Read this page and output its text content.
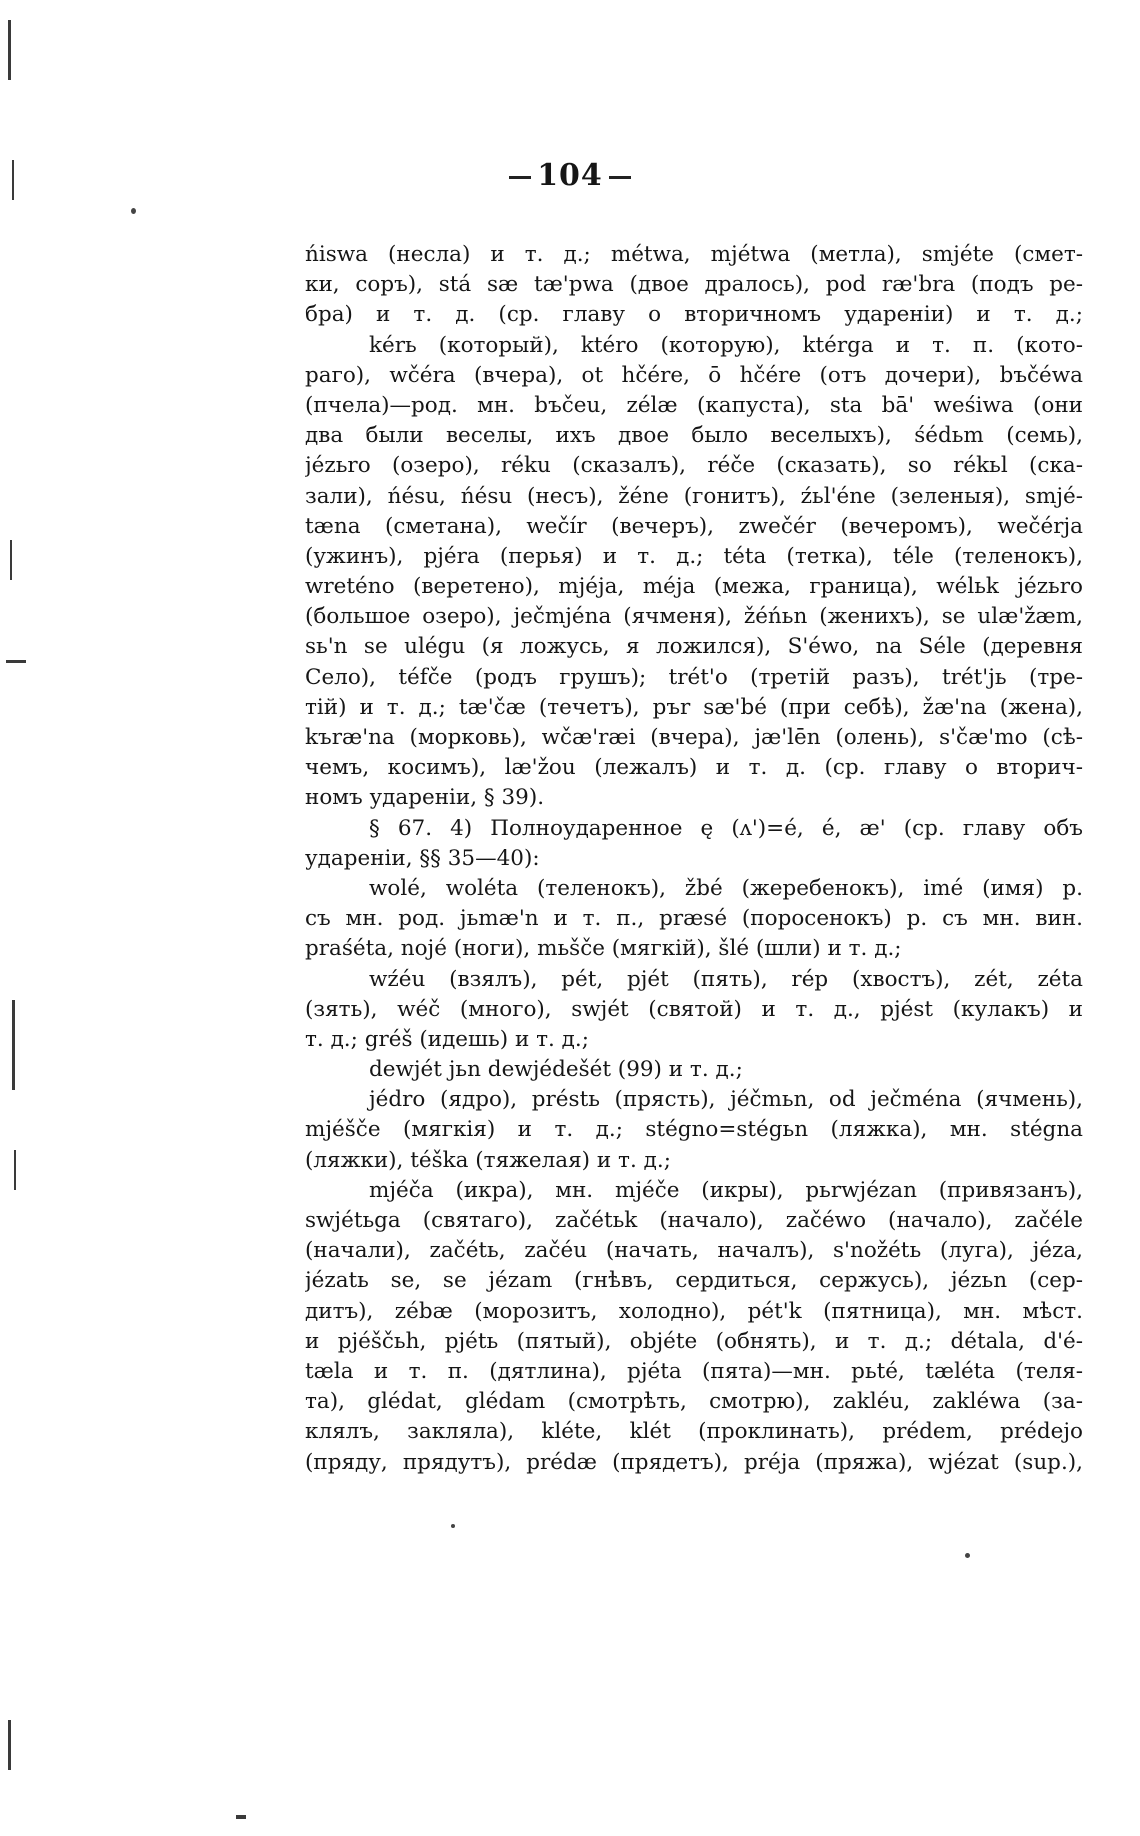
104
ńiswa (несла) и т. д.; métwa, mjétwa (метла), smjéte (смет-
ки, соръ), stá sæ tæ'pwa (двое дралось), pod ræ'bra (подъ ре-
бра) и т. д. (ср. главу о вторичномъ ударенiи) и т. д.;
kérь (который), ktéro (которую), ktérga и т. п. (кото-
раго), wčéra (вчера), ot hčére, ō hčére (отъ дочери), bъčéwa
(пчела)—род. мн. bъčeu, zélæ (капуста), sta bā' weśiwa (они
два были веселы, ихъ двое было веселыхъ), śédьm (семь),
jézьro (озеро), réku (сказалъ), réče (сказать), so rékьl (ска-
зали), ńésu, ńésu (несъ), žéne (гонитъ), źьl'éne (зеленыя), smjé-
tæna (сметана), wečír (вечеръ), zwečér (вечеромъ), wečérja
(ужинъ), pjéra (перья) и т. д.; téta (тетка), téle (теленокъ),
wreténo (веретено), mjéja, méja (межа, граница), wélьk jézьro
(большое озеро), ječmjéna (ячменя), žéńьn (женихъ), se ulæ'žæm,
sь'n se ulégu (я ложусь, я ложился), S'éwo, na Séle (деревня
Село), téfče (родъ грушъ); trét'o (третiй разъ), trét'jь (тре-
тiй) и т. д.; tæ'čæ (течетъ), pъr sæ'bé (при себѣ), žæ'na (жена),
kъræ'na (морковь), wčæ'ræi (вчера), jæ'lēn (олень), s'čæ'mo (сѣ-
чемъ, косимъ), læ'žou (лежалъ) и т. д. (ср. главу о вторич-
номъ ударенiи, § 39).
§ 67. 4) Полноударенное ę (ʌ')=é, é, æ' (ср. главу объ
ударенiи, §§ 35—40):
wolé, woléta (теленокъ), žbé (жеребенокъ), imé (имя) р.
съ мн. род. jьmæ'n и т. п., præsé (поросенокъ) р. съ мн. вин.
praśéta, nojé (ноги), mьšče (мягкiй), šlé (шли) и т. д.;
wźéu (взялъ), pét, pjét (пять), rép (хвостъ), zét, zéta
(зять), wéč (много), swjét (святой) и т. д., pjést (кулакъ) и
т. д.; gréš (идешь) и т. д.;
dewjét jьn dewjédešét (99) и т. д.;
jédro (ядро), préstь (прясть), jéčmьn, od ječména (ячмень),
mjéšče (мягкiя) и т. д.; stégno=stégьn (ляжка), мн. stégna
(ляжки), téška (тяжелая) и т. д.;
mjéča (икра), мн. mjéče (икры), pьrwjézan (привязанъ),
swjétьga (святаго), začétьk (начало), začéwo (начало), začéle
(начали), začétь, začéu (начать, началъ), s'nožétь (луга), jéza,
jézatь se, se jézam (гнѣвъ, сердиться, сержусь), jézьn (сер-
дитъ), zébæ (морозитъ, холодно), pét'k (пятница), мн. мѣст.
и pjéščьh, pjétь (пятый), objéte (обнять), и т. д.; détala, d'é-
tæla и т. п. (дятлина), pjéta (пята)—мн. pьté, tæléta (теля-
та), glédat, glédam (смотрѣть, смотрю), zakléu, zakléwa (за-
клялъ, заклялa), kléte, klét (проклинать), prédem, prédejo
(пряду, прядутъ), prédæ (прядетъ), préja (пряжа), wjézat (sup.),
